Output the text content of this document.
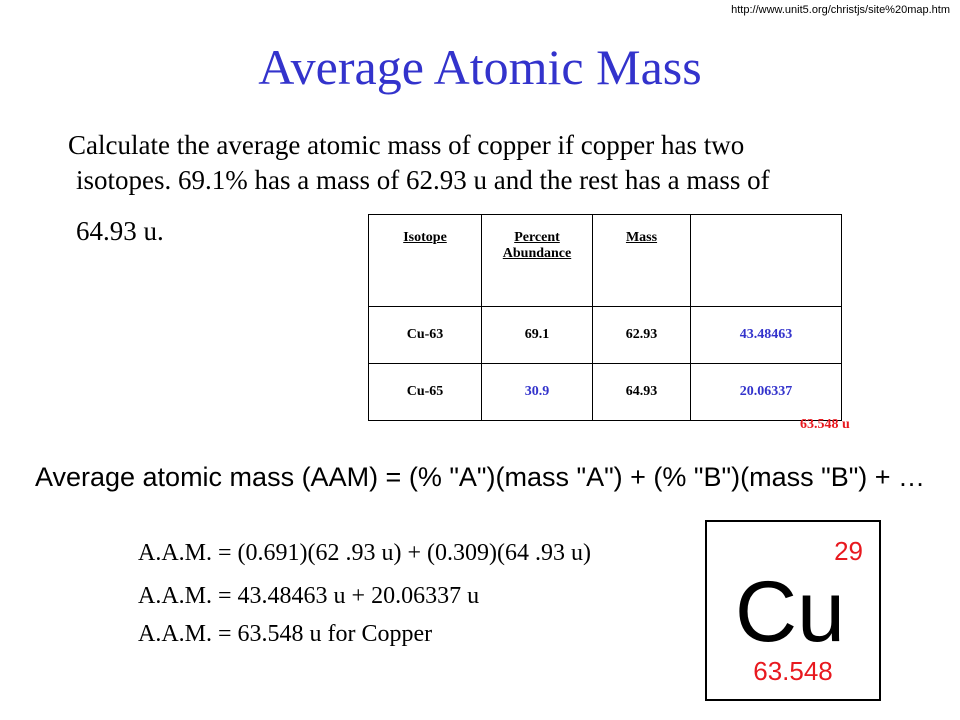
http://www.unit5.org/christjs/site%20map.htm
Average Atomic Mass
Calculate the average atomic mass of copper if copper has two
isotopes. 69.1% has a mass of 62.93 u and the rest has a mass of
64.93 u.	Isotope	Percent
Abundance	Mass	
Cu-63	69.1	62.93	43.48463
Cu-65	30.9	64.93	20.06337
63.548 u
Average atomic mass (AAM) = (% "A")(mass "A") + (% "B")(mass "B") + …
A.A.M. = (0.691)(62 .93 u) + (0.309)(64 .93 u)
A.A.M. = 43.48463 u + 20.06337 u
A.A.M. = 63.548 u for Copper
29
Cu
63.548
